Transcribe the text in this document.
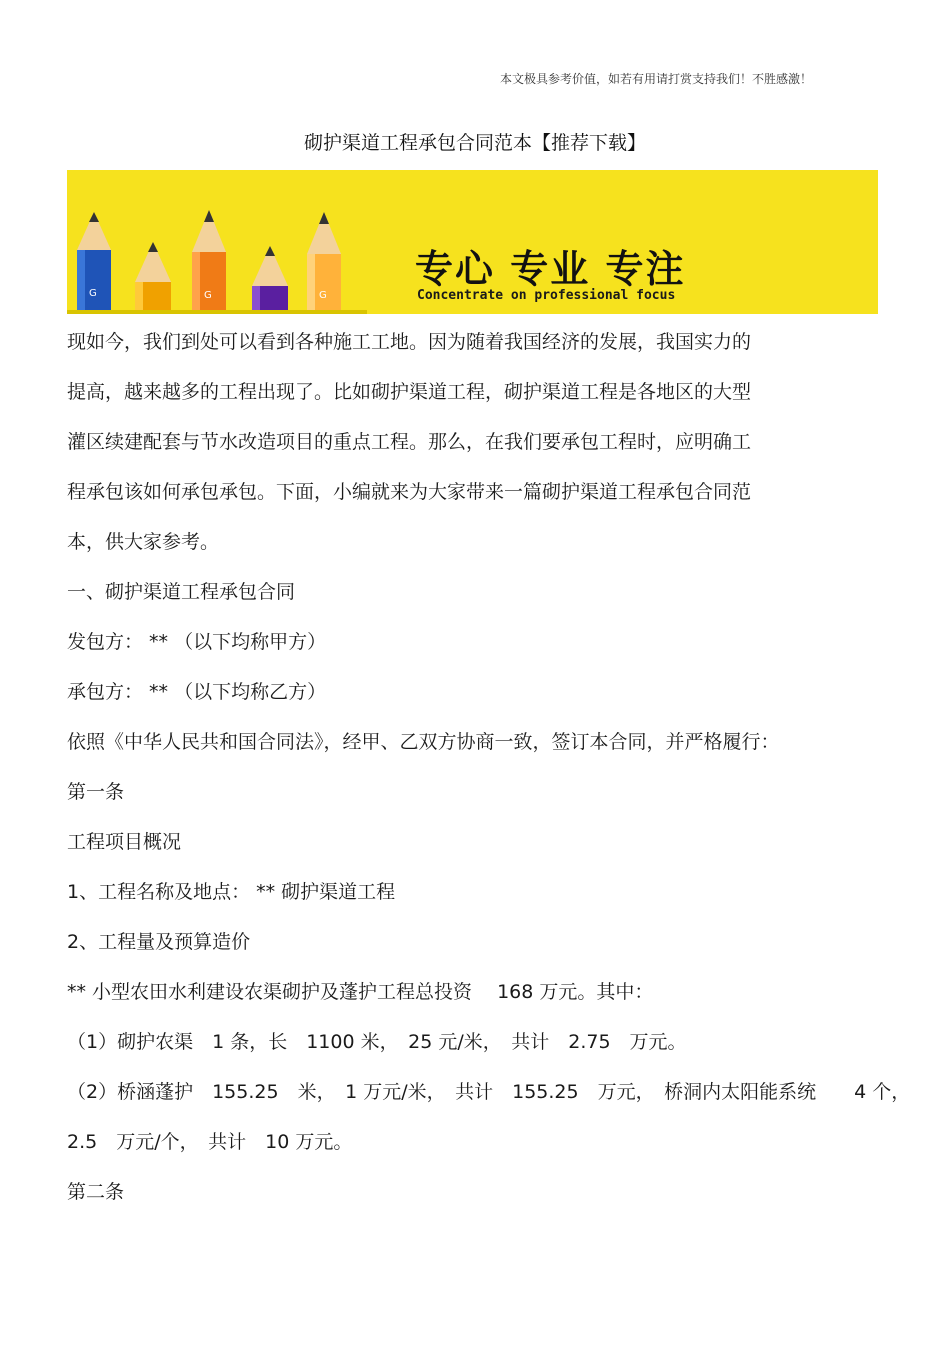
本文极具参考价值，如若有用请打赏支持我们！不胜感激！
砌护渠道工程承包合同范本【推荐下载】
G	G	G
专心 专业 专注
Concentrate on professional focus
现如今，我们到处可以看到各种施工工地。因为随着我国经济的发展，我国实力的
提高，越来越多的工程出现了。比如砌护渠道工程，砌护渠道工程是各地区的大型
灌区续建配套与节水改造项目的重点工程。那么，在我们要承包工程时，应明确工
程承包该如何承包承包。下面，小编就来为大家带来一篇砌护渠道工程承包合同范
本，供大家参考。
一、砌护渠道工程承包合同
发包方： ** （以下均称甲方）
承包方： ** （以下均称乙方）
依照《中华人民共和国合同法》，经甲、乙双方协商一致，签订本合同，并严格履行：
第一条
工程项目概况
1、工程名称及地点： ** 砌护渠道工程
2、工程量及预算造价
** 小型农田水利建设农渠砌护及蓬护工程总投资　 168 万元。其中：
（1）砌护农渠　1 条，长　1100 米，　25 元/米，　共计　2.75　万元。
（2）桥涵蓬护　155.25　米，　1 万元/米，　共计　155.25　万元，　桥洞内太阳能系统　　4 个，
2.5　万元/个，　共计　10 万元。
第二条
